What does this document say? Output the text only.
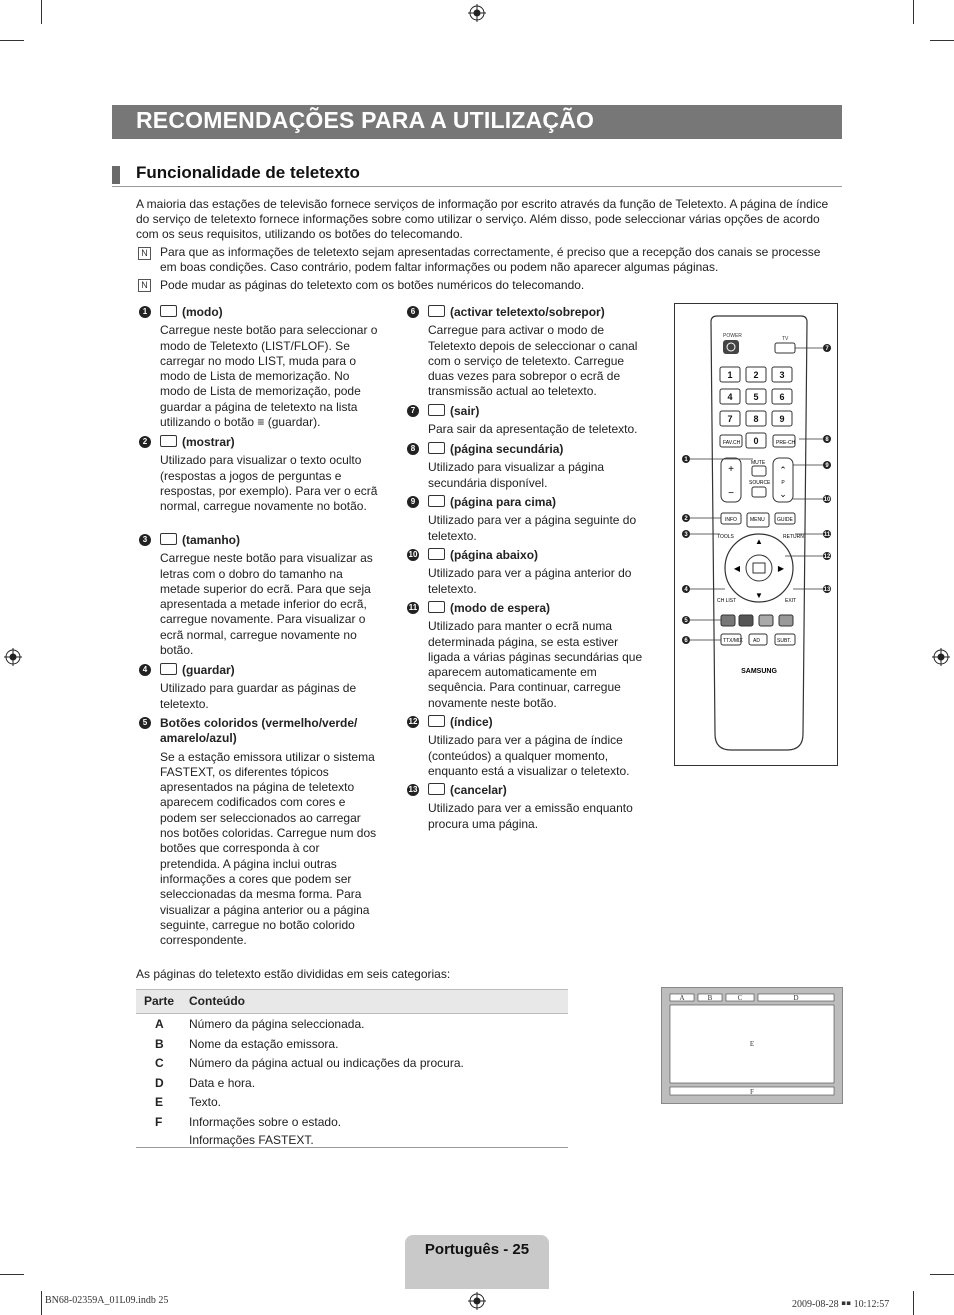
RECOMENDAÇÕES PARA A UTILIZAÇÃO
Funcionalidade de teletexto
A maioria das estações de televisão fornece serviços de informação por escrito através da função de Teletexto. A página de índice
do serviço de teletexto fornece informações sobre como utilizar o serviço. Além disso, pode seleccionar várias opções de acordo
com os seus requisitos, utilizando os botões do telecomando.
N Para que as informações de teletexto sejam apresentadas correctamente, é preciso que a recepção dos canais se processe
em boas condições. Caso contrário, podem faltar informações ou podem não aparecer algumas páginas.
N Pode mudar as páginas do teletexto com os botões numéricos do telecomando.
1	(modo)
Carregue neste botão para seleccionar o modo de Teletexto (LIST/FLOF). Se carregar no modo LIST, muda para o modo de Lista de memorização. No modo de Lista de memorização, pode guardar a página de teletexto na lista utilizando o botão ≡ (guardar).
2	(mostrar)
Utilizado para visualizar o texto oculto (respostas a jogos de perguntas e respostas, por exemplo). Para ver o ecrã normal, carregue novamente no botão.
3	(tamanho)
Carregue neste botão para visualizar as letras com o dobro do tamanho na metade superior do ecrã. Para que seja apresentada a metade inferior do ecrã, carregue novamente. Para visualizar o ecrã normal, carregue novamente no botão.
4	(guardar)
Utilizado para guardar as páginas de teletexto.
5	Botões coloridos (vermelho/verde/ amarelo/azul)
Se a estação emissora utilizar o sistema FASTEXT, os diferentes tópicos apresentados na página de teletexto aparecem codificados com cores e podem ser seleccionados ao carregar nos botões coloridas. Carregue num dos botões que corresponda à cor pretendida. A página inclui outras informações a cores que podem ser seleccionadas da mesma forma. Para visualizar a página anterior ou a página seguinte, carregue no botão colorido correspondente.
6	(activar teletexto/sobrepor)
Carregue para activar o modo de Teletexto depois de seleccionar o canal com o serviço de teletexto. Carregue duas vezes para sobrepor o ecrã de transmissão actual ao teletexto.
7	(sair)
Para sair da apresentação de teletexto.
8	(página secundária)
Utilizado para visualizar a página secundária disponível.
9	(página para cima)
Utilizado para ver a página seguinte do teletexto.
10	(página abaixo)
Utilizado para ver a página anterior do teletexto.
11	(modo de espera)
Utilizado para manter o ecrã numa determinada página, se esta estiver ligada a várias páginas secundárias que aparecem automaticamente em sequência. Para continuar, carregue novamente neste botão.
12	(índice)
Utilizado para ver a página de índice (conteúdos) a qualquer momento, enquanto está a visualizar o teletexto.
13	(cancelar)
Utilizado para ver a emissão enquanto procura uma página.
POWER	TV
1 2 3
4 5 6
7 8 9
0
FAV.CH	PRE-CH
+
−
⌃
⌄
P
MUTE
SOURCE
INFO	MENU GUIDE
▲
▼
◀	▶
TOOLS	RETURN
CH LIST	EXIT
TTX/MIX AD	SUBT.
SAMSUNG
1
2
3
4
5
6
7
8
9
10
11
12
13
As páginas do teletexto estão divididas em seis categorias:
Parte Conteúdo
A Número da página seleccionada.
B Nome da estação emissora.
C Número da página actual ou indicações da procura.
D Data e hora.
E Texto.
F Informações sobre o estado.
Informações FASTEXT.
A	B	C	D
E
F
Português - 25
BN68-02359A_01L09.indb 25	2009-08-28 ￭￭ 10:12:57
